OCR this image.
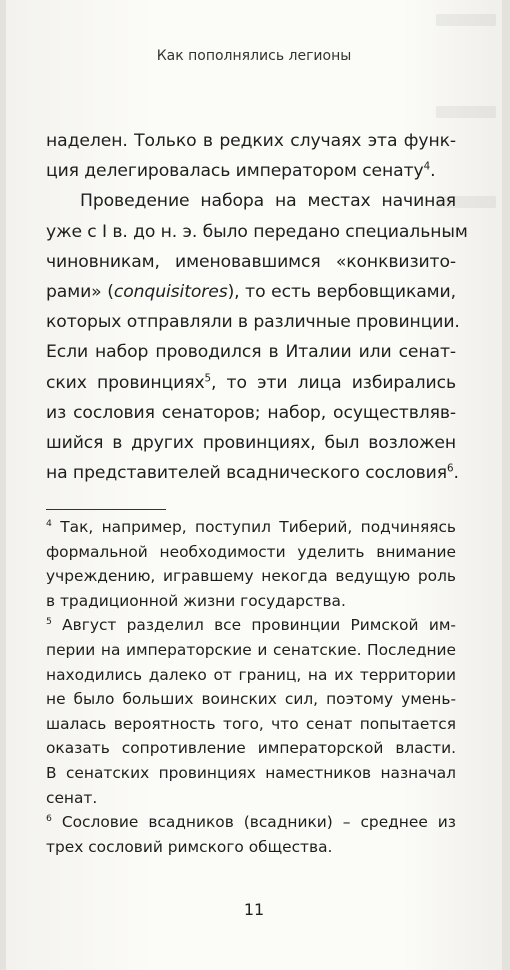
Как пополнялись легионы
наделен. Только в редких случаях эта функ-
ция делегировалась императором сенату$^4$.
Проведение набора на местах начиная
уже с I в. до н. э. было передано специальным
чиновникам, именовавшимся «конквизито-
рами» (conquisitores), то есть вербовщиками,
которых отправляли в различные провинции.
Если набор проводился в Италии или сенат-
ских провинциях$^5$, то эти лица избирались
из сословия сенаторов; набор, осуществляв-
шийся в других провинциях, был возложен
на представителей всаднического сословия$^6$.
$^4$ Так, например, поступил Тиберий, подчиняясь
формальной необходимости уделить внимание
учреждению, игравшему некогда ведущую роль
в традиционной жизни государства.
$^5$ Август разделил все провинции Римской им-
перии на императорские и сенатские. Последние
находились далеко от границ, на их территории
не было больших воинских сил, поэтому умень-
шалась вероятность того, что сенат попытается
оказать сопротивление императорской власти.
В сенатских провинциях наместников назначал
сенат.
$^6$ Сословие всадников (всадники) – среднее из
трех сословий римского общества.
11
